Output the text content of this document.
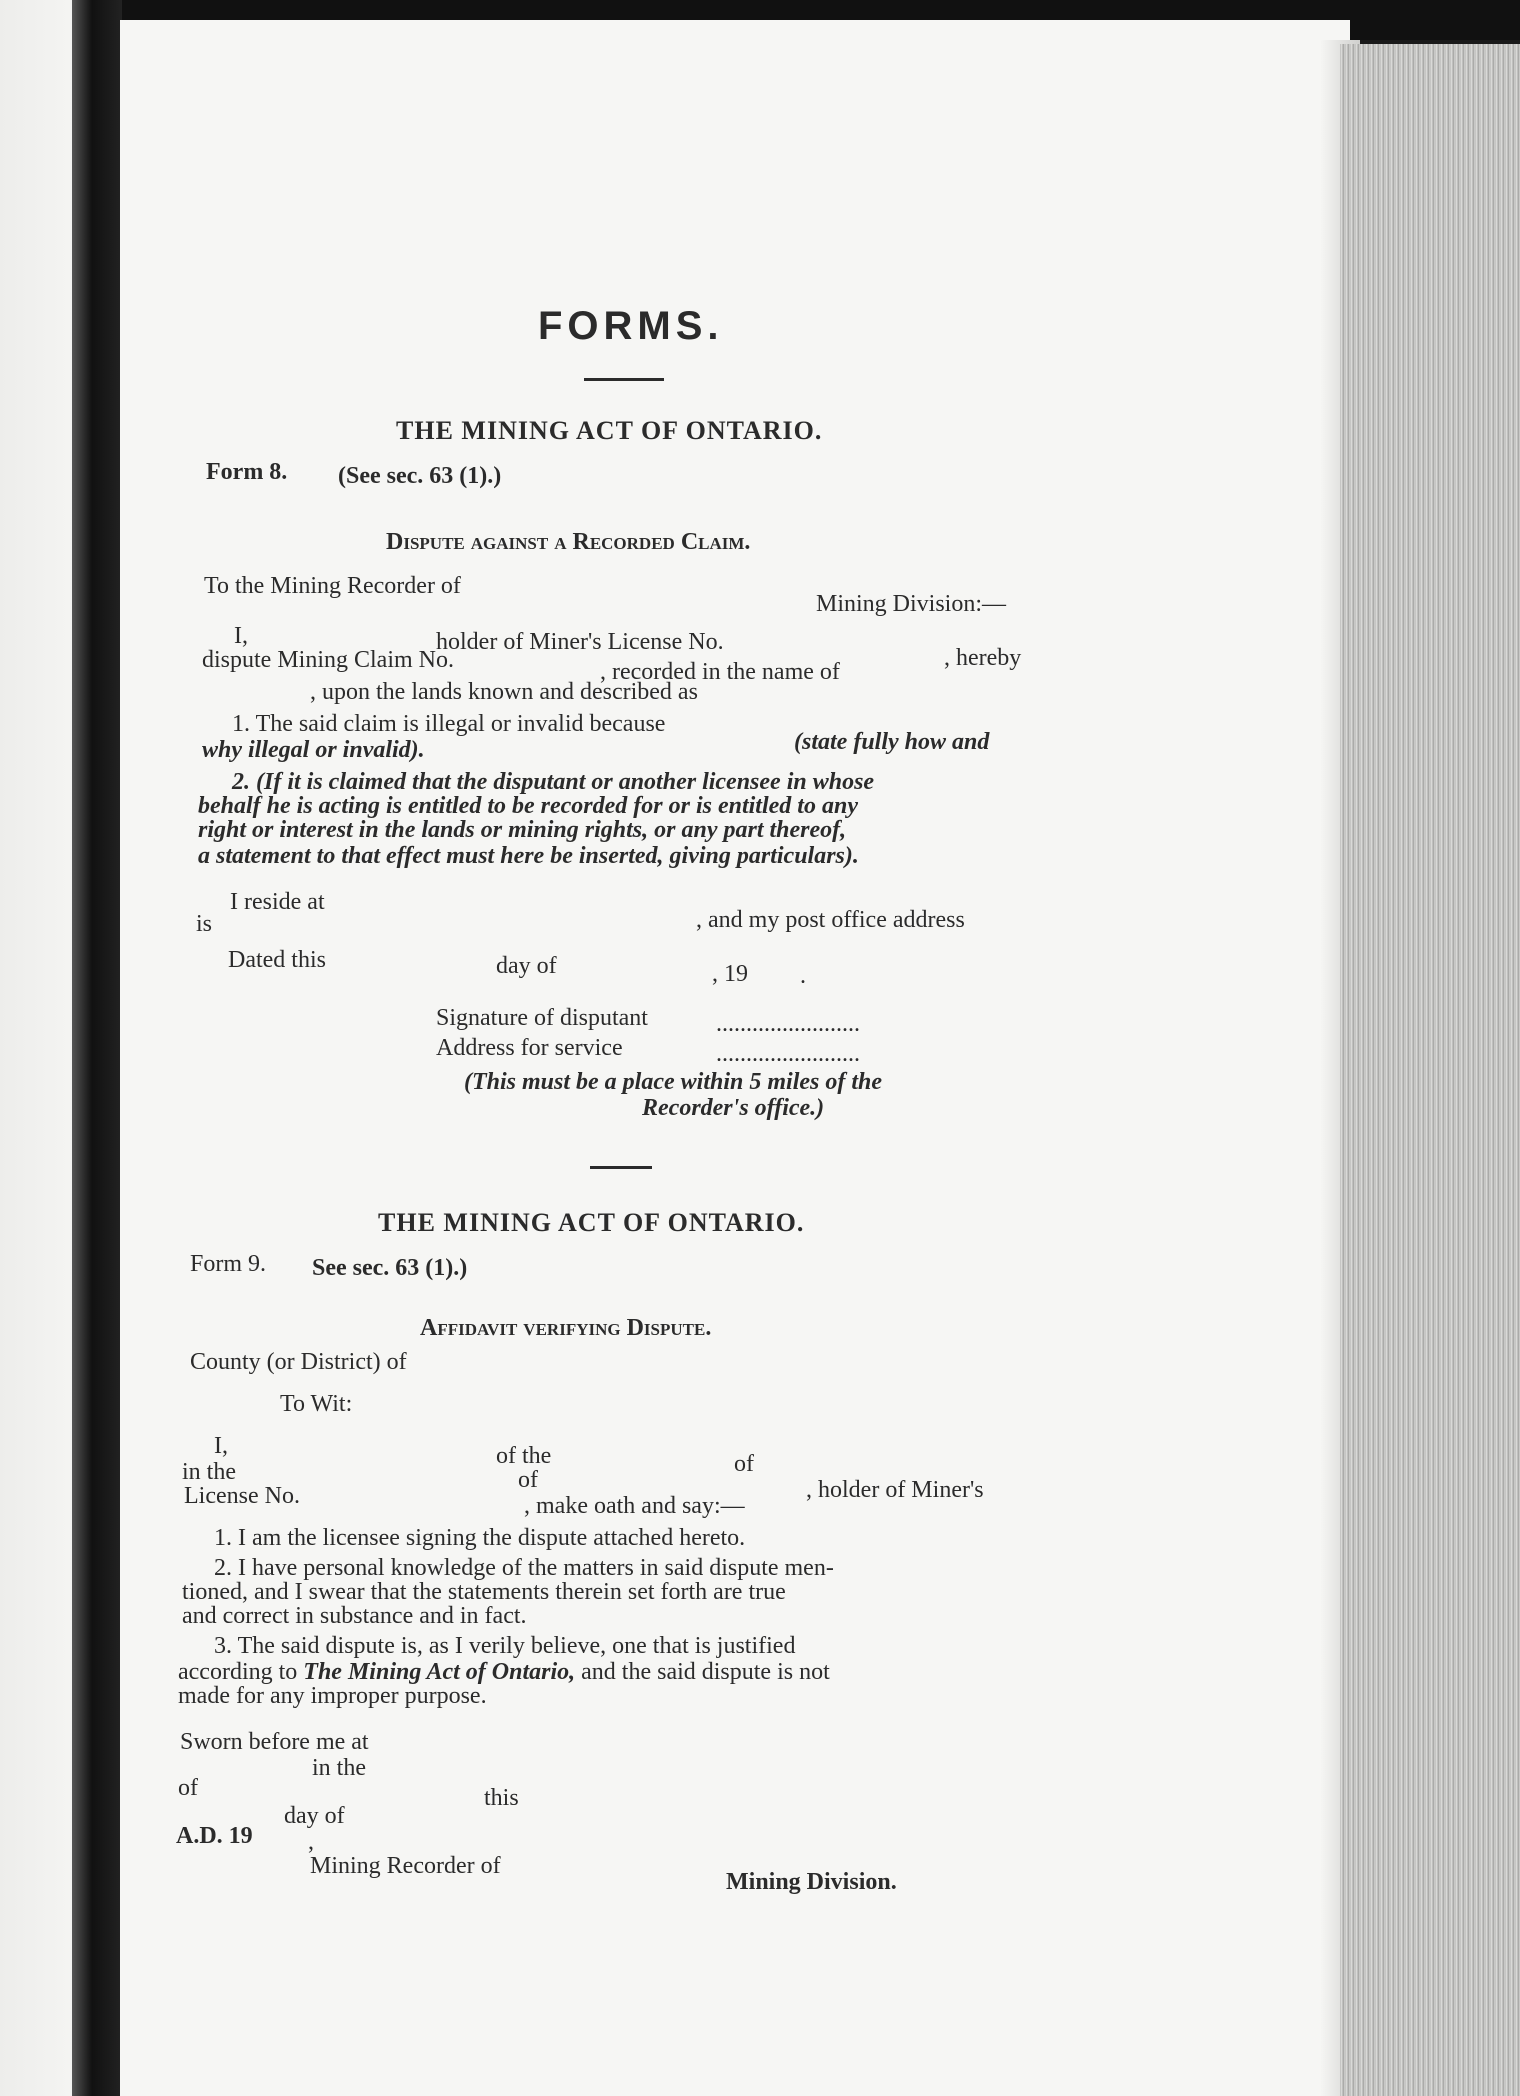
FORMS.
THE MINING ACT OF ONTARIO.
Form 8. (See sec. 63 (1).)
Dispute against a Recorded Claim.
To the Mining Recorder of
Mining Division:—
I,	holder of Miner's License No.
, hereby
dispute Mining Claim No.	, recorded in the name of
, upon the lands known and described as
1. The said claim is illegal or invalid because
(state fully how and
why illegal or invalid).
2. (If it is claimed that the disputant or another licensee in whose
behalf he is acting is entitled to be recorded for or is entitled to any
right or interest in the lands or mining rights, or any part thereof,
a statement to that effect must here be inserted, giving particulars).
I reside at
, and my post office address
is
Dated this	day of	, 19 .
Signature of disputant	........................
Address for service	........................
(This must be a place within 5 miles of the
Recorder's office.)
THE MINING ACT OF ONTARIO.
Form 9. See sec. 63 (1).)
Affidavit verifying Dispute.
County (or District) of
To Wit:
I,	of the	of
in the	of	, holder of Miner's
License No.	, make oath and say:—
1. I am the licensee signing the dispute attached hereto.
2. I have personal knowledge of the matters in said dispute men-
tioned, and I swear that the statements therein set forth are true
and correct in substance and in fact.
3. The said dispute is, as I verily believe, one that is justified
according to The Mining Act of Ontario, and the said dispute is not
made for any improper purpose.
Sworn before me at
in the
of	this
day of
A.D. 19 ,
Mining Recorder of
Mining Division.
